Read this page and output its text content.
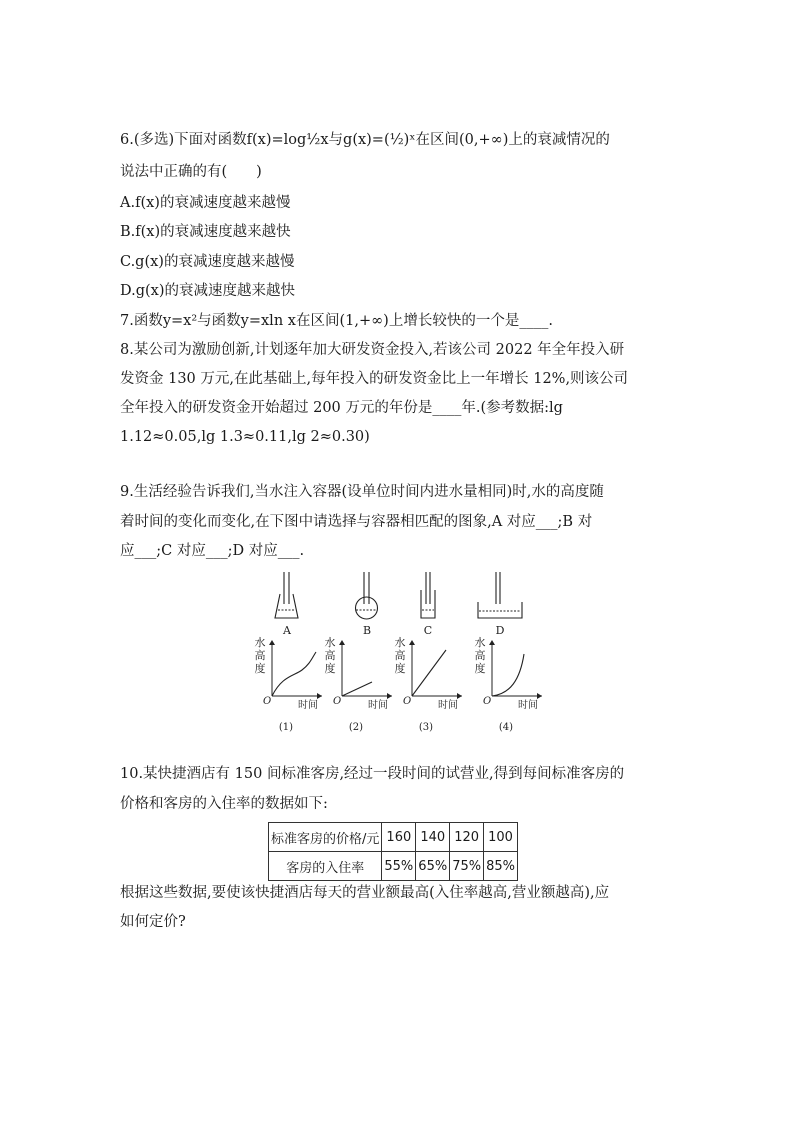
6.(多选)下面对函数f(x)=log½x与g(x)=(½)ˣ在区间(0,+∞)上的衰减情况的
说法中正确的有(　　)
A.f(x)的衰减速度越来越慢
B.f(x)的衰减速度越来越快
C.g(x)的衰减速度越来越慢
D.g(x)的衰减速度越来越快
7.函数y=x²与函数y=xln x在区间(1,+∞)上增长较快的一个是____.
8.某公司为激励创新,计划逐年加大研发资金投入,若该公司 2022 年全年投入研
发资金 130 万元,在此基础上,每年投入的研发资金比上一年增长 12%,则该公司
全年投入的研发资金开始超过 200 万元的年份是____年.(参考数据:lg
1.12≈0.05,lg 1.3≈0.11,lg 2≈0.30)
9.生活经验告诉我们,当水注入容器(设单位时间内进水量相同)时,水的高度随
着时间的变化而变化,在下图中请选择与容器相匹配的图象,A 对应___;B 对
应___;C 对应___;D 对应___.
A	B	C	D
水
高
度
O	时间
(1)
水
高
度
O	时间
(2)
水
高
度
O	时间
(3)
水
高
度
O	时间
(4)
10.某快捷酒店有 150 间标准客房,经过一段时间的试营业,得到每间标准客房的
价格和客房的入住率的数据如下:
标准客房的价格/元	160	140	120	100
客房的入住率	55%	65%	75%	85%
根据这些数据,要使该快捷酒店每天的营业额最高(入住率越高,营业额越高),应
如何定价?
